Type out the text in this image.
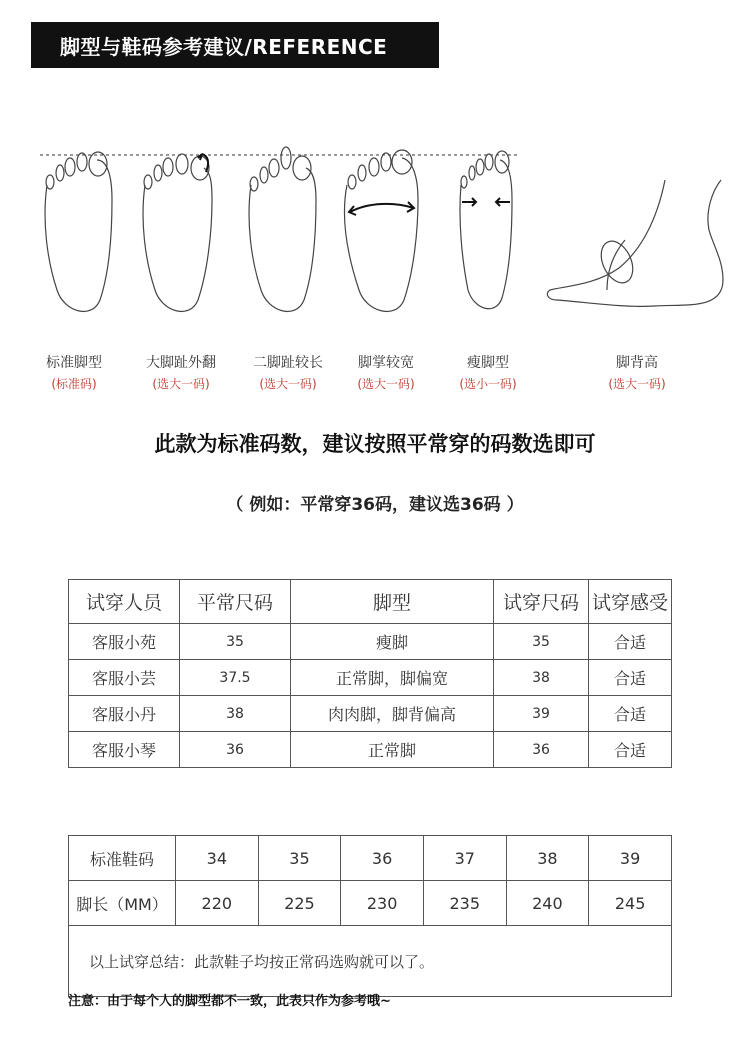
脚型与鞋码参考建议/REFERENCE
标准脚型
(标准码)
大脚趾外翻
(选大一码)
二脚趾较长
(选大一码)
脚掌较宽
(选大一码)
瘦脚型
(选小一码)
脚背高
(选大一码)
此款为标准码数，建议按照平常穿的码数选即可
（ 例如：平常穿36码，建议选36码 ）
试穿人员	平常尺码	脚型	试穿尺码	试穿感受
客服小苑	35	瘦脚	35	合适
客服小芸	37.5	正常脚，脚偏宽	38	合适
客服小丹	38	肉肉脚，脚背偏高	39	合适
客服小琴	36	正常脚	36	合适
标准鞋码	34	35	36	37	38	39
脚长（MM）	220	225	230	235	240	245
以上试穿总结：此款鞋子均按正常码选购就可以了。						
注意：由于每个人的脚型都不一致，此表只作为参考哦~
